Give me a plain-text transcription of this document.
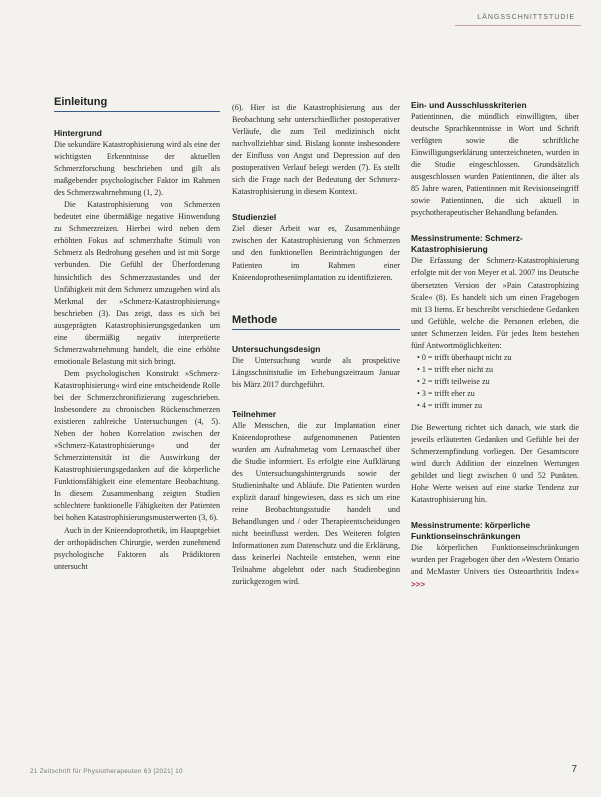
LÄNGSSCHNITTSTUDIE
Einleitung
Hintergrund

Die sekundäre Katastrophisierung wird als eine der wichtigsten Erkenntnisse der aktuellen Schmerzforschung beschrieben und gilt als maßgebender psychologischer Faktor im Rahmen des Schmerzwahrnehmung (1, 2).

Die Katastrophisierung von Schmerzen bedeutet eine übermäßige negative Hinwendung zu Schmerzreizen. Hierbei wird neben dem erhöhten Fokus auf schmerzhafte Stimuli von Schmerz als Bedrohung gesehen und ist mit Sorge verbunden. Die Gefühl der Überforderung hinsichtlich des Schmerzzustandes und der Unfähigkeit mit dem Schmerz umzugehen wird als Merkmal der »Schmerz-Katastrophisierung« beschrieben (3). Das zeigt, dass es sich bei ausgeprägten Katastrophisierungsgedanken um eine übermäßig negativ interpretierte Schmerzwahrnehmung handelt, die eine erhöhte emotionale Belastung mit sich bringt.

Dem psychologischen Konstrukt »Schmerz-Katastrophisierung« wird eine entscheidende Rolle bei der Schmerzchronifizierung zugeschrieben. Insbesondere zu chronischen Rückenschmerzen existieren zahlreiche Untersuchungen (4, 5). Neben der hohen Korrelation zwischen der »Schmerz-Katastrophisierung« und der Schmerzintensität ist die Auswirkung der Katastrophisierungsgedanken auf die körperliche Funktionsfähigkeit eine elementare Beobachtung. In diesem Zusammenhang zeigten Studien schlechtere funktionelle Fähigkeiten der Patienten bei hohen Katastrophisierungsmusterwerten (3, 6).

Auch in der Knieendoprothetik, im Hauptgebiet der orthopädischen Chirurgie, werden zunehmend psychologische Faktoren als Prädiktoren untersucht

(6). Hier ist die Katastrophisierung aus der Beobachtung sehr unterschiedlicher postoperativer Verläufe, die zum Teil medizinisch nicht nachvollziehbar sind. Bislang konnte insbesondere der Einfluss von Angst und Depression auf den postoperativen Verlauf belegt werden (7). Es stellt sich die Frage nach der Bedeutung der Schmerz-Katastrophisierung in diesem Kontext.

Studienziel

Ziel dieser Arbeit war es, Zusammenhänge zwischen der Katastrophisierung von Schmerzen und den funktionellen Beeinträchtigungen der Patienten im Rahmen einer Knieendoprothesenimplantation zu identifizieren.

Methode
Untersuchungsdesign

Die Untersuchung wurde als prospektive Längsschnittstudie im Erhebungszeitraum Januar bis März 2017 durchgeführt.

Teilnehmer

Alle Menschen, die zur Implantation einer Knieendoprothese aufgenommenen Patienten wurden am Aufnahmetag vom Lernauschef über die Studie informiert. Es erfolgte eine Aufklärung des Untersuchungshintergrunds sowie der Studieninhalte und Abläufe. Die Patienten wurden explizit darauf hingewiesen, dass es sich um eine reine Beobachtungsstudie handelt und Behandlungen und / oder Therapieentscheidungen nicht beeinflusst werden. Des Weiteren folgten Informationen zum Datenschutz und die Erklärung, dass keinerlei Nachteile entstehen, wenn eine Teilnahme abgelehnt oder nach Studienbeginn zurückgezogen wird.

Ein- und Ausschlusskriterien

Patientinnen, die mündlich einwilligten, über deutsche Sprachkenntnisse in Wort und Schrift verfügten sowie die schriftliche Einwilligungserklärung unterzeichneten, wurden in die Studie eingeschlossen. Grundsätzlich ausgeschlossen wurden Patientinnen, die älter als 85 Jahre waren, Patientinnen mit Revisionseingriff sowie Patientinnen, die sich aktuell in psychotherapeutischer Behandlung befanden.

Messinstrumente: Schmerz-Katastrophisierung

Die Erfassung der Schmerz-Katastrophisierung erfolgte mit der von Meyer et al. 2007 ins Deutsche übersetzten Version der »Pain Catastrophizing Scale« (8). Es handelt sich um einen Fragebogen mit 13 Items. Er beschreibt verschiedene Gedanken und Gefühle, welche die Personen erleben, die unter Schmerzen leiden. Für jedes Item bestehen fünf Antwortmöglichkeiten:

• 0 = trifft überhaupt nicht zu
• 1 = trifft eher nicht zu
• 2 = trifft teilweise zu
• 3 = trifft eher zu
• 4 = trifft immer zu

Die Bewertung richtet sich danach, wie stark die jeweils erläuterten Gedanken und Gefühle bei der Schmerzempfindung vorliegen. Der Gesamtscore wird durch Addition der einzelnen Wertungen gebildet und liegt zwischen 0 und 52 Punkten. Hohe Werte weisen auf eine starke Tendenz zur Katastrophisierung hin.

Messinstrumente: körperliche Funktionseinschränkungen

Die körperlichen Funktionseinschränkungen wurden per Fragebogen über den »Western Ontario and McMaster Univers ties Osteoarthritis Index« >>>

21 Zeitschrift für Physiotherapeuten 63 [2021] 10	7
